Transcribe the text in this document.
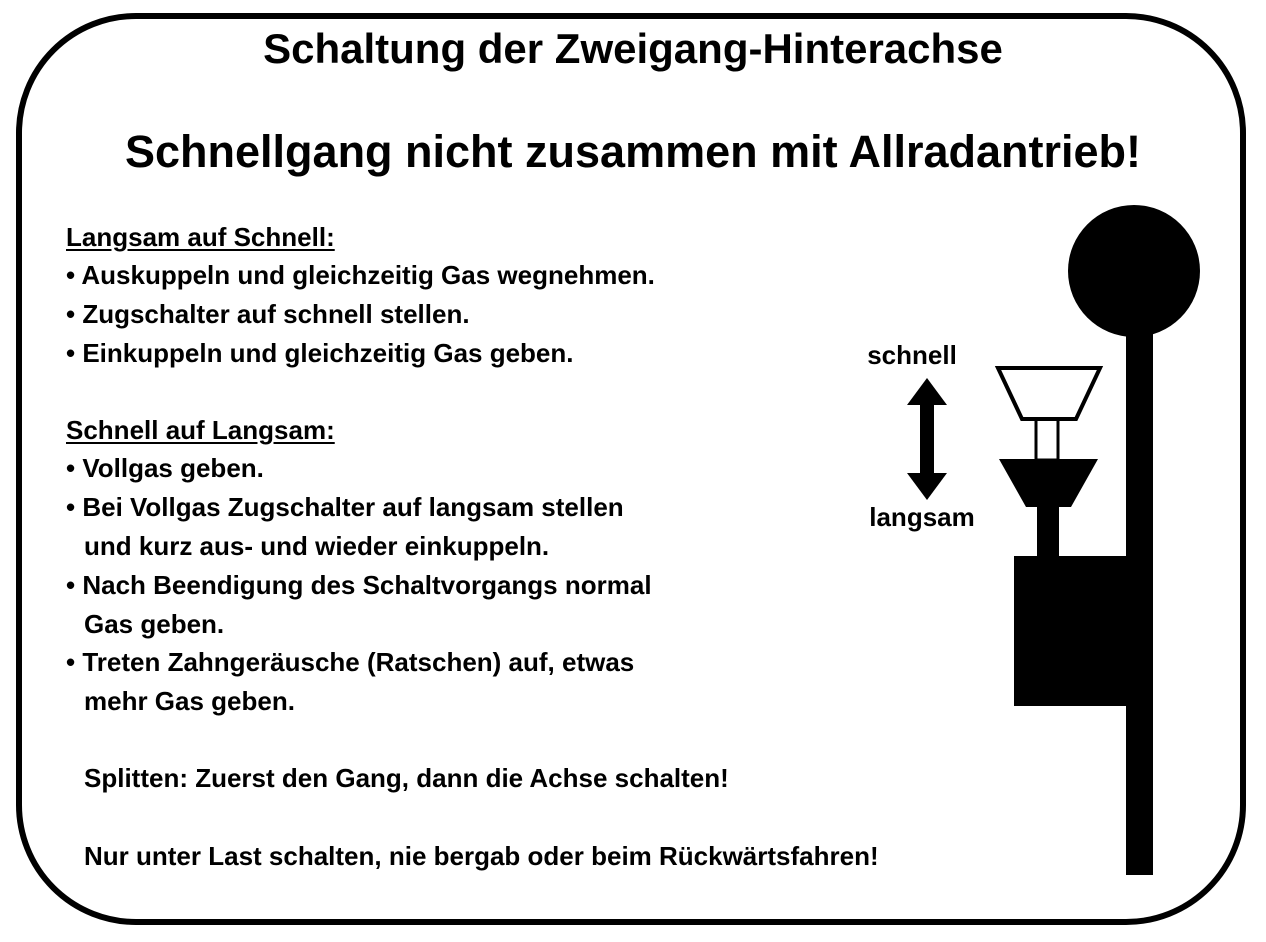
Schaltung der Zweigang-Hinterachse
Schnellgang nicht zusammen mit Allradantrieb!
Langsam auf Schnell:
• Auskuppeln und gleichzeitig Gas wegnehmen.
• Zugschalter auf schnell stellen.
• Einkuppeln und gleichzeitig Gas geben.
Schnell auf Langsam:
• Vollgas geben.
• Bei Vollgas Zugschalter auf langsam stellen
und kurz aus- und wieder einkuppeln.
• Nach Beendigung des Schaltvorgangs normal
Gas geben.
• Treten Zahngeräusche (Ratschen) auf, etwas
mehr Gas geben.
Splitten: Zuerst den Gang, dann die Achse schalten!
Nur unter Last schalten, nie bergab oder beim Rückwärtsfahren!
schnell
langsam
